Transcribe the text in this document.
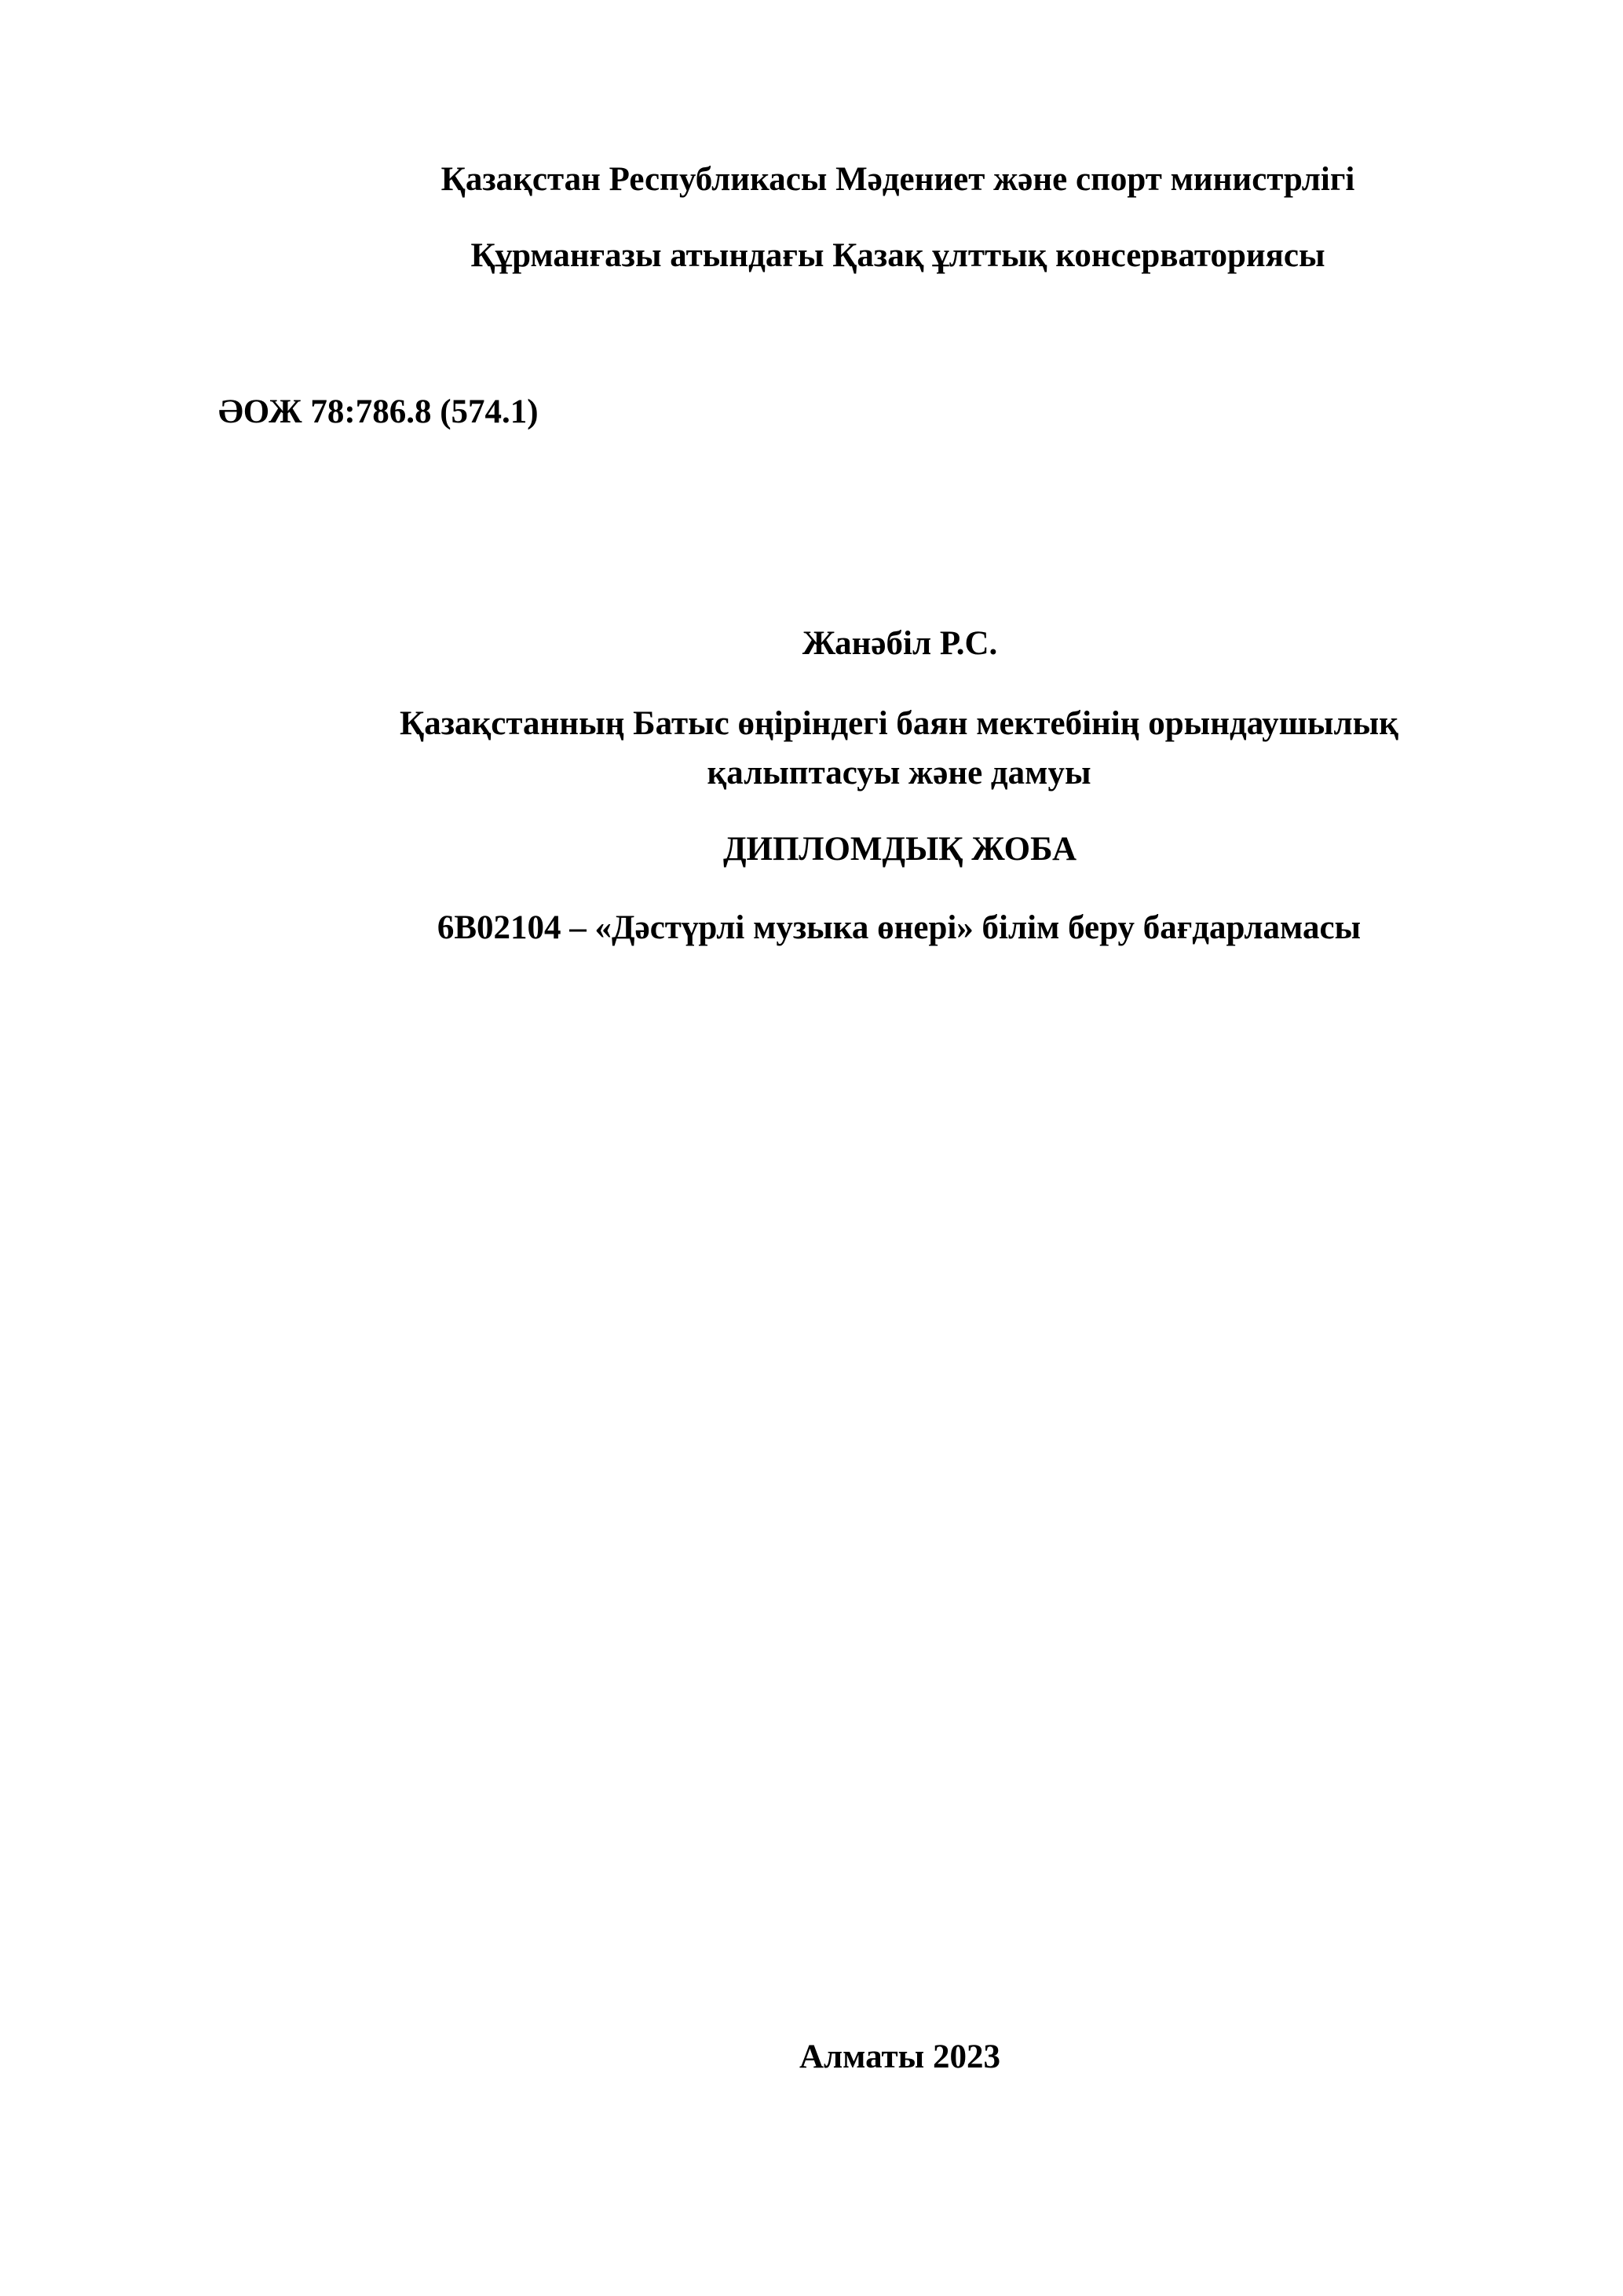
Қазақстан Республикасы Мәдениет және спорт министрлігі

Құрманғазы атындағы Қазақ ұлттық консерваториясы

ӘОЖ 78:786.8 (574.1)

Жанәбіл Р.С.

Қазақстанның Батыс өңіріндегі баян мектебінің орындаушылық

қалыптасуы және дамуы

ДИПЛОМДЫҚ ЖОБА

6В02104 – «Дәстүрлі музыка өнері» білім беру бағдарламасы

Алматы 2023
